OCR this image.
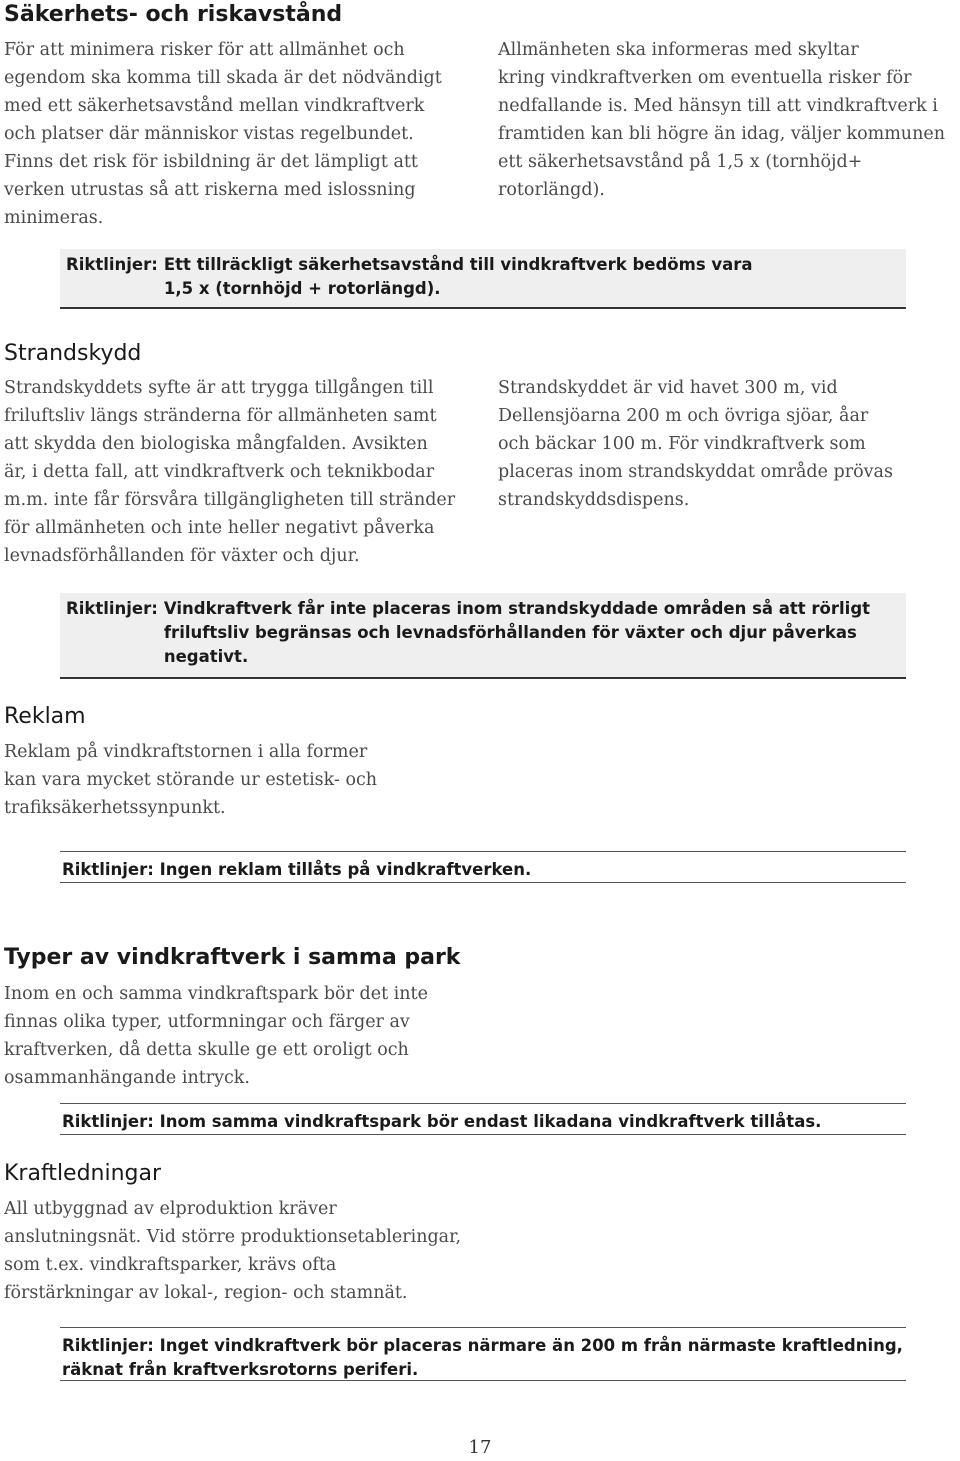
Säkerhets- och riskavstånd
För att minimera risker för att allmänhet och
egendom ska komma till skada är det nödvändigt
med ett säkerhetsavstånd mellan vindkraftverk
och platser där människor vistas regelbundet.
Finns det risk för isbildning är det lämpligt att
verken utrustas så att riskerna med islossning
minimeras.
Allmänheten ska informeras med skyltar
kring vindkraftverken om eventuella risker för
nedfallande is. Med hänsyn till att vindkraftverk i
framtiden kan bli högre än idag, väljer kommunen
ett säkerhetsavstånd på 1,5 x (tornhöjd+
rotorlängd).
Riktlinjer: Ett tillräckligt säkerhetsavstånd till vindkraftverk bedöms vara 1,5 x (tornhöjd + rotorlängd).
Strandskydd
Strandskyddets syfte är att trygga tillgången till
friluftsliv längs stränderna för allmänheten samt
att skydda den biologiska mångfalden. Avsikten
är, i detta fall, att vindkraftverk och teknikbodar
m.m. inte får försvåra tillgängligheten till stränder
för allmänheten och inte heller negativt påverka
levnadsförhållanden för växter och djur.
Strandskyddet är vid havet 300 m, vid
Dellensjöarna 200 m och övriga sjöar, åar
och bäckar 100 m. För vindkraftverk som
placeras inom strandskyddat område prövas
strandskyddsdispens.
Riktlinjer: Vindkraftverk får inte placeras inom strandskyddade områden så att rörligt friluftsliv begränsas och levnadsförhållanden för växter och djur påverkas negativt.
Reklam
Reklam på vindkraftstornen i alla former
kan vara mycket störande ur estetisk- och
trafiksäkerhetssynpunkt.
Riktlinjer: Ingen reklam tillåts på vindkraftverken.
Typer av vindkraftverk i samma park
Inom en och samma vindkraftspark bör det inte
finnas olika typer, utformningar och färger av
kraftverken, då detta skulle ge ett oroligt och
osammanhängande intryck.
Riktlinjer: Inom samma vindkraftspark bör endast likadana vindkraftverk tillåtas.
Kraftledningar
All utbyggnad av elproduktion kräver
anslutningsnät. Vid större produktionsetableringar,
som t.ex. vindkraftsparker, krävs ofta
förstärkningar av lokal-, region- och stamnät.
Riktlinjer: Inget vindkraftverk bör placeras närmare än 200 m från närmaste kraftledning, räknat från kraftverksrotorns periferi.
17
